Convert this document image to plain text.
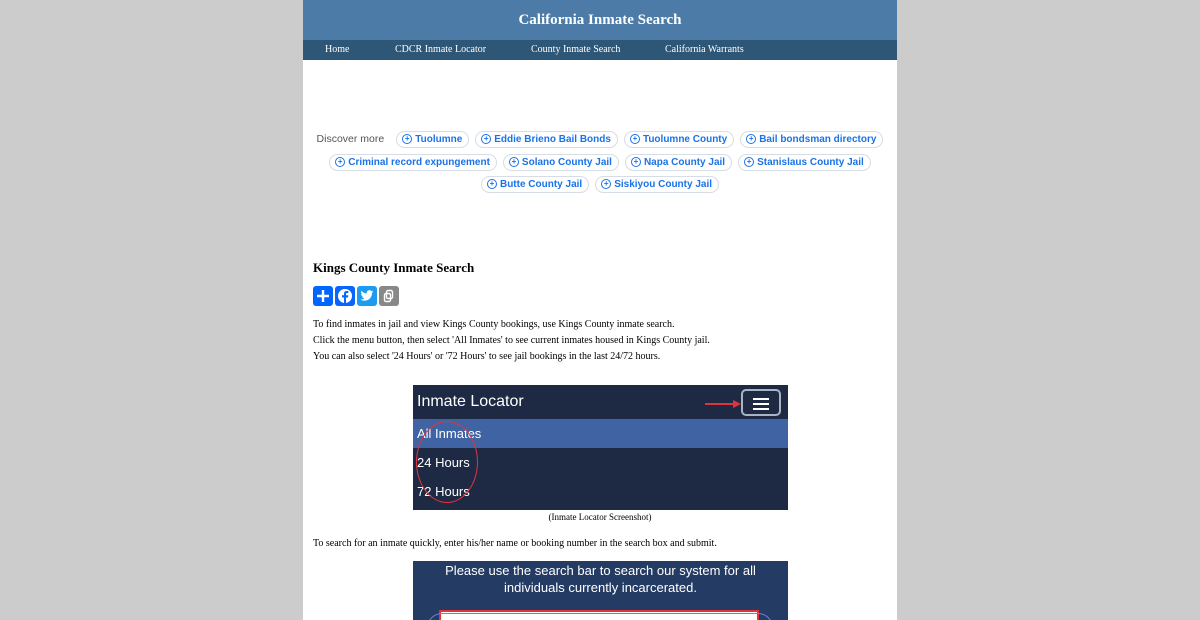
California Inmate Search
Home	CDCR Inmate Locator	County Inmate Search	California Warrants
Discover more	+ Tuolumne	+ Eddie Brieno Bail Bonds	+ Tuolumne County	+ Bail bondsman directory
+ Criminal record expungement	+ Solano County Jail	+ Napa County Jail	+ Stanislaus County Jail
+ Butte County Jail	+ Siskiyou County Jail
Kings County Inmate Search
To find inmates in jail and view Kings County bookings, use Kings County inmate search.
Click the menu button, then select 'All Inmates' to see current inmates housed in Kings County jail.
You can also select '24 Hours' or '72 Hours' to see jail bookings in the last 24/72 hours.
Inmate Locator
All Inmates
24 Hours
72 Hours
(Inmate Locator Screenshot)
To search for an inmate quickly, enter his/her name or booking number in the search box and submit.
Please use the search bar to search our system for all
individuals currently incarcerated.
